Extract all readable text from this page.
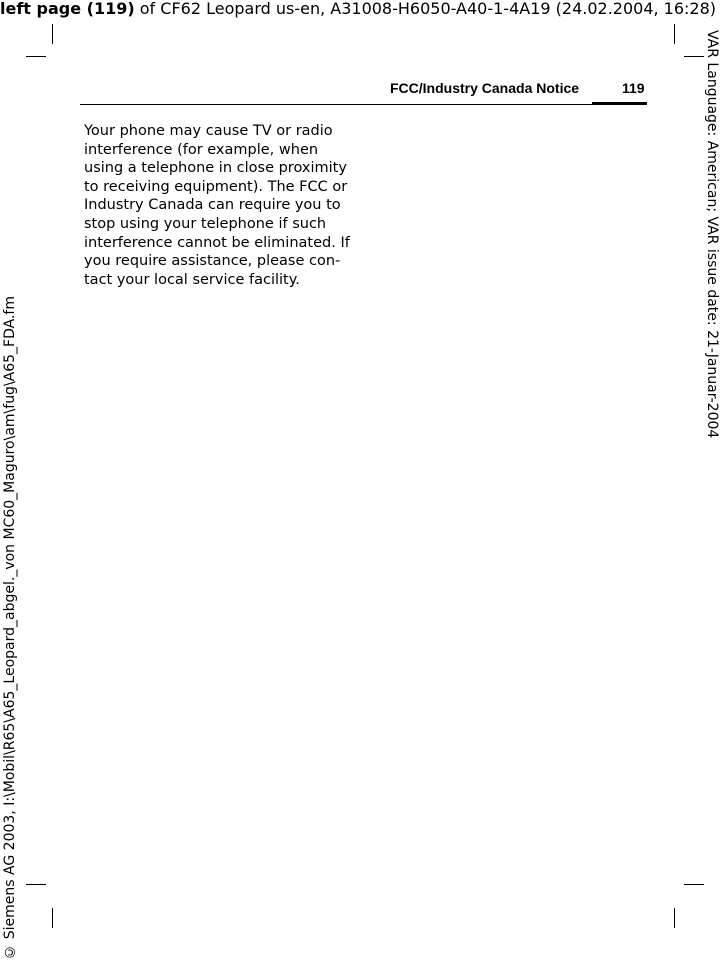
left page (119) of CF62 Leopard us-en, A31008-H6050-A40-1-4A19 (24.02.2004, 16:28)
VAR Language: American; VAR issue date: 21-Januar-2004
© Siemens AG 2003, I:\Mobil\R65\A65_Leopard_abgel._von MC60_Maguro\am\fug\A65_FDA.fm
FCC/Industry Canada Notice	119

Your phone may cause TV or radio interference (for example, when using a telephone in close proximity to receiving equipment). The FCC or Industry Canada can require you to stop using your telephone if such interference cannot be eliminated. If you require assistance, please con-tact your local service facility.
